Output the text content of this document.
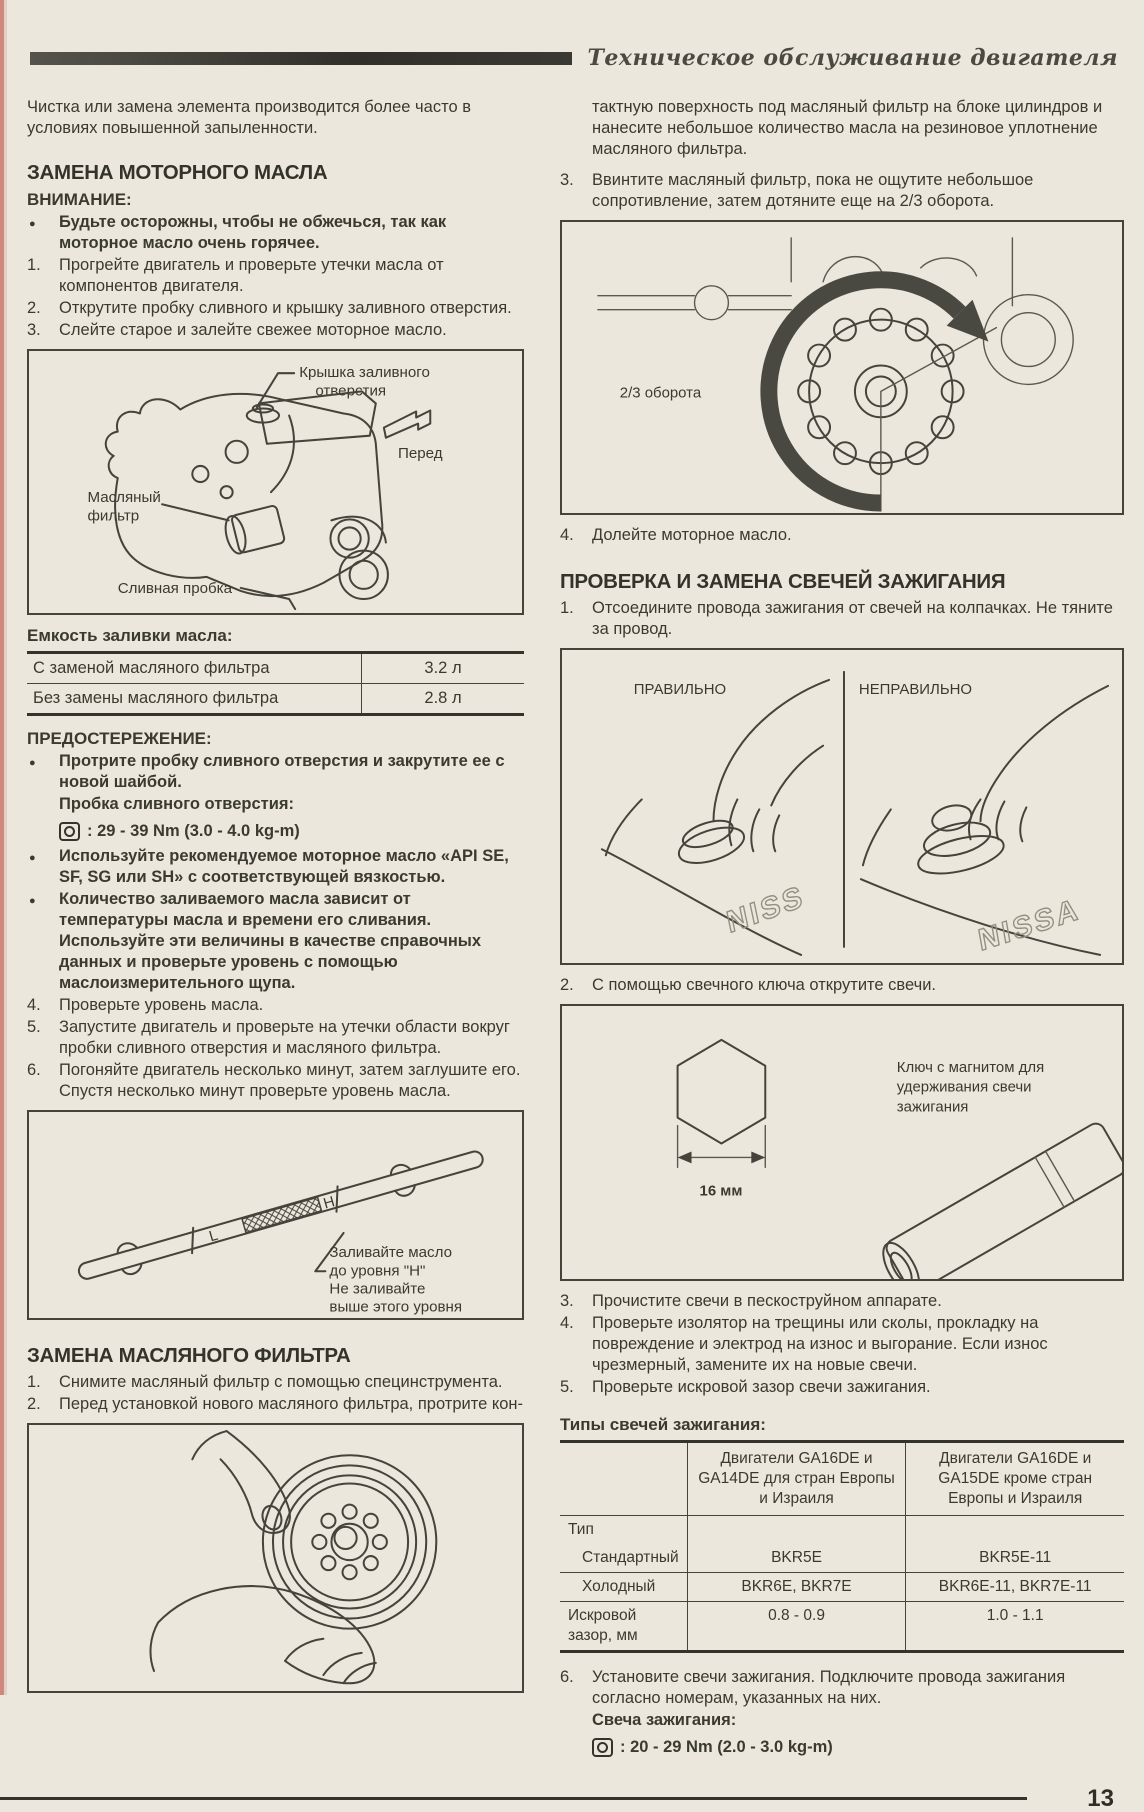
Техническое обслуживание двигателя

Чистка или замена элемента производится более часто в условиях повышенной запыленности.

ЗАМЕНА МОТОРНОГО МАСЛА
ВНИМАНИЕ:
●
Будьте осторожны, чтобы не обжечься, так как моторное масло очень горячее.
1.	Прогрейте двигатель и проверьте утечки масла от компонентов двигателя.
2.	Открутите пробку сливного и крышку заливного отверстия.
3.	Слейте старое и залейте свежее моторное масло.
Крышка заливного
отверстия
Перед
Масляный
фильтр
Сливная пробка
Емкость заливки масла:
С заменой масляного фильтра	3.2 л
Без замены масляного фильтра	2.8 л
ПРЕДОСТЕРЕЖЕНИЕ:
●
Протрите пробку сливного отверстия и закрутите ее с новой шайбой.
Пробка сливного отверстия:
: 29 - 39 Nm (3.0 - 4.0 kg-m)
●
Используйте рекомендуемое моторное масло «API SE, SF, SG или SH» с соответствующей вязкостью.
●
Количество заливаемого масла зависит от температуры масла и времени его сливания. Используйте эти величины в качестве справочных данных и проверьте уровень с помощью маслоизмерительного щупа.
4.	Проверьте уровень масла.
5.	Запустите двигатель и проверьте на утечки области вокруг пробки сливного отверстия и масляного фильтра.
6.	Погоняйте двигатель несколько минут, затем заглушите его. Спустя несколько минут проверьте уровень масла.
L
H
Заливайте масло
до уровня "Н"
Не заливайте
выше этого уровня
ЗАМЕНА МАСЛЯНОГО ФИЛЬТРА
1.	Снимите масляный фильтр с помощью специнструмента.
2.	Перед установкой нового масляного фильтра, протрите кон-

тактную поверхность под масляный фильтр на блоке цилиндров и нанесите небольшое количество масла на резиновое уплотнение масляного фильтра.

3.	Ввинтите масляный фильтр, пока не ощутите небольшое сопротивление, затем дотяните еще на 2/3 оборота.
2/3 оборота
4.	Долейте моторное масло.
ПРОВЕРКА И ЗАМЕНА СВЕЧЕЙ ЗАЖИГАНИЯ
1.	Отсоедините провода зажигания от свечей на колпачках. Не тяните за провод.
ПРАВИЛЬНО	НЕПРАВИЛЬНО
NISS	NISSA
2.	С помощью свечного ключа открутите свечи.
16 мм
Ключ с магнитом для
удерживания свечи
зажигания
3.	Прочистите свечи в пескоструйном аппарате.
4.	Проверьте изолятор на трещины или сколы, прокладку на повреждение и электрод на износ и выгорание. Если износ чрезмерный, замените их на новые свечи.
5.	Проверьте искровой зазор свечи зажигания.
Типы свечей зажигания:
	Двигатели GA16DE и GA14DE для стран Европы и Израиля	Двигатели GA16DE и GA15DE кроме стран Европы и Израиля
Тип		
Стандартный	BKR5E	BKR5E-11
Холодный	BKR6E, BKR7E	BKR6E-11, BKR7E-11
Искровой зазор, мм	0.8 - 0.9	1.0 - 1.1
6.	Установите свечи зажигания. Подключите провода зажигания согласно номерам, указанных на них.
Свеча зажигания:
: 20 - 29 Nm (2.0 - 3.0 kg-m)
13
